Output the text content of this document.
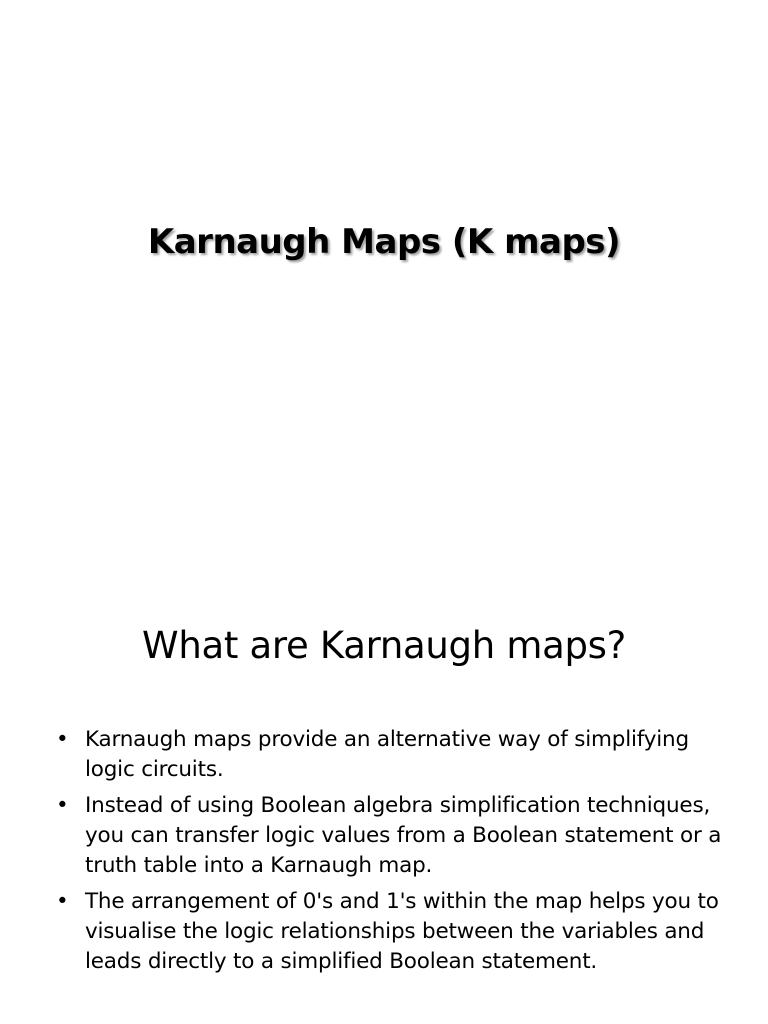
Karnaugh Maps (K maps)
What are Karnaugh maps?
• Karnaugh maps provide an alternative way of simplifying logic circuits.
• Instead of using Boolean algebra simplification techniques, you can transfer logic values from a Boolean statement or a truth table into a Karnaugh map.
• The arrangement of 0's and 1's within the map helps you to visualise the logic relationships between the variables and leads directly to a simplified Boolean statement.
